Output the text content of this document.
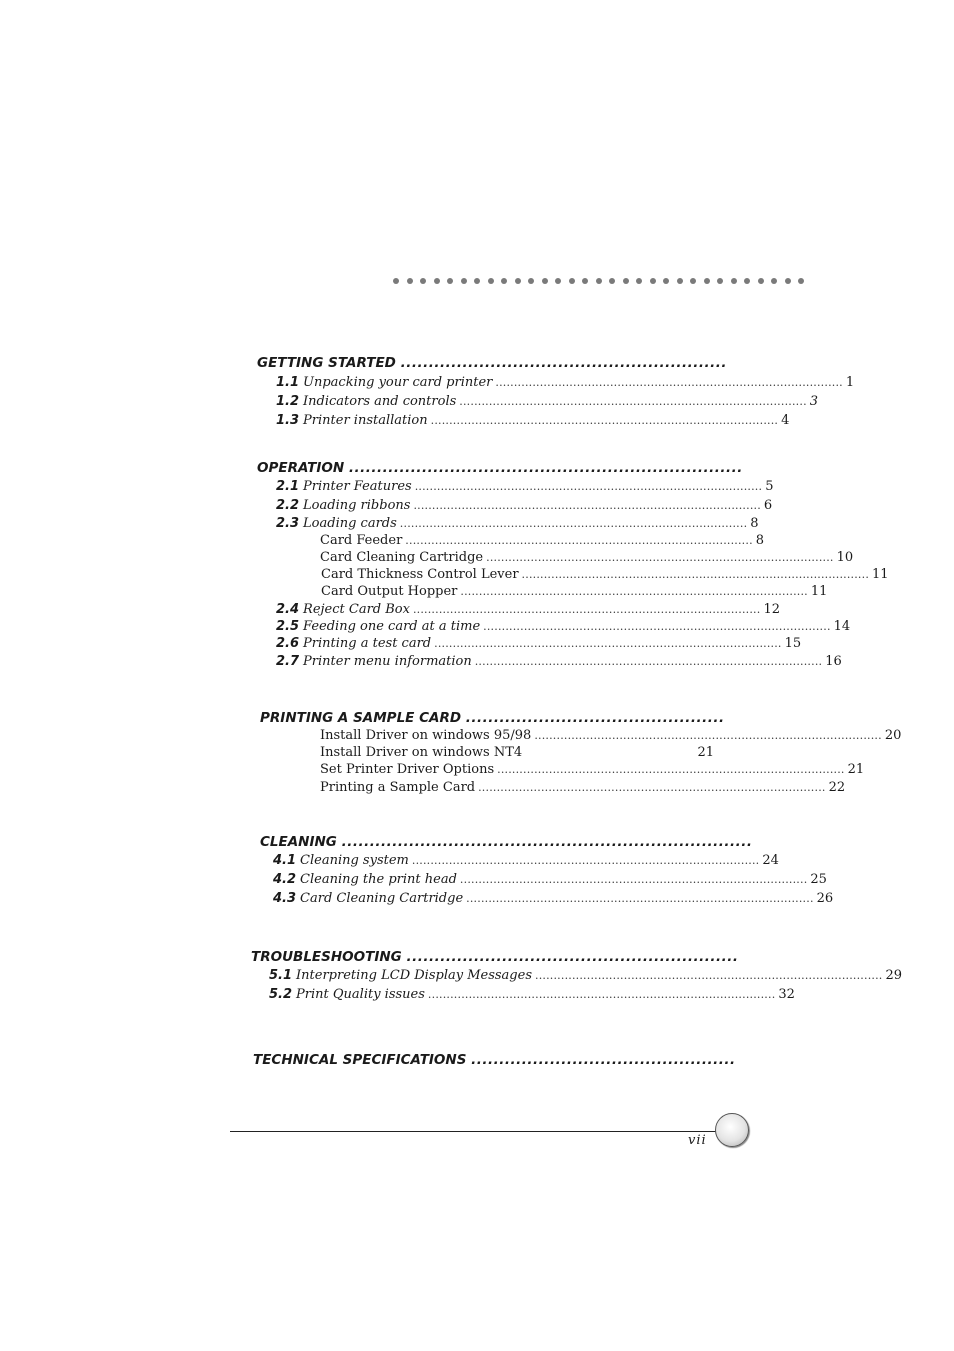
GETTING STARTED ..........................................................
1.1 Unpacking your card printer .............................................................................................. 1
1.2 Indicators and controls .............................................................................................. 3
1.3 Printer installation .............................................................................................. 4
OPERATION ......................................................................
2.1 Printer Features .............................................................................................. 5
2.2 Loading ribbons .............................................................................................. 6
2.3 Loading cards .............................................................................................. 8
Card Feeder .............................................................................................. 8
Card Cleaning Cartridge .............................................................................................. 10
Card Thickness Control Lever .............................................................................................. 11
Card Output Hopper .............................................................................................. 11
2.4 Reject Card Box .............................................................................................. 12
2.5 Feeding one card at a time .............................................................................................. 14
2.6 Printing a test card .............................................................................................. 15
2.7 Printer menu information .............................................................................................. 16
PRINTING A SAMPLE CARD ..............................................
Install Driver on windows 95/98 .............................................................................................. 20
Install Driver on windows NT4	21
Set Printer Driver Options .............................................................................................. 21
Printing a Sample Card .............................................................................................. 22
CLEANING .........................................................................
4.1 Cleaning system .............................................................................................. 24
4.2 Cleaning the print head .............................................................................................. 25
4.3 Card Cleaning Cartridge .............................................................................................. 26
TROUBLESHOOTING ...........................................................
5.1 Interpreting LCD Display Messages .............................................................................................. 29
5.2 Print Quality issues .............................................................................................. 32
TECHNICAL SPECIFICATIONS ...............................................
vii
